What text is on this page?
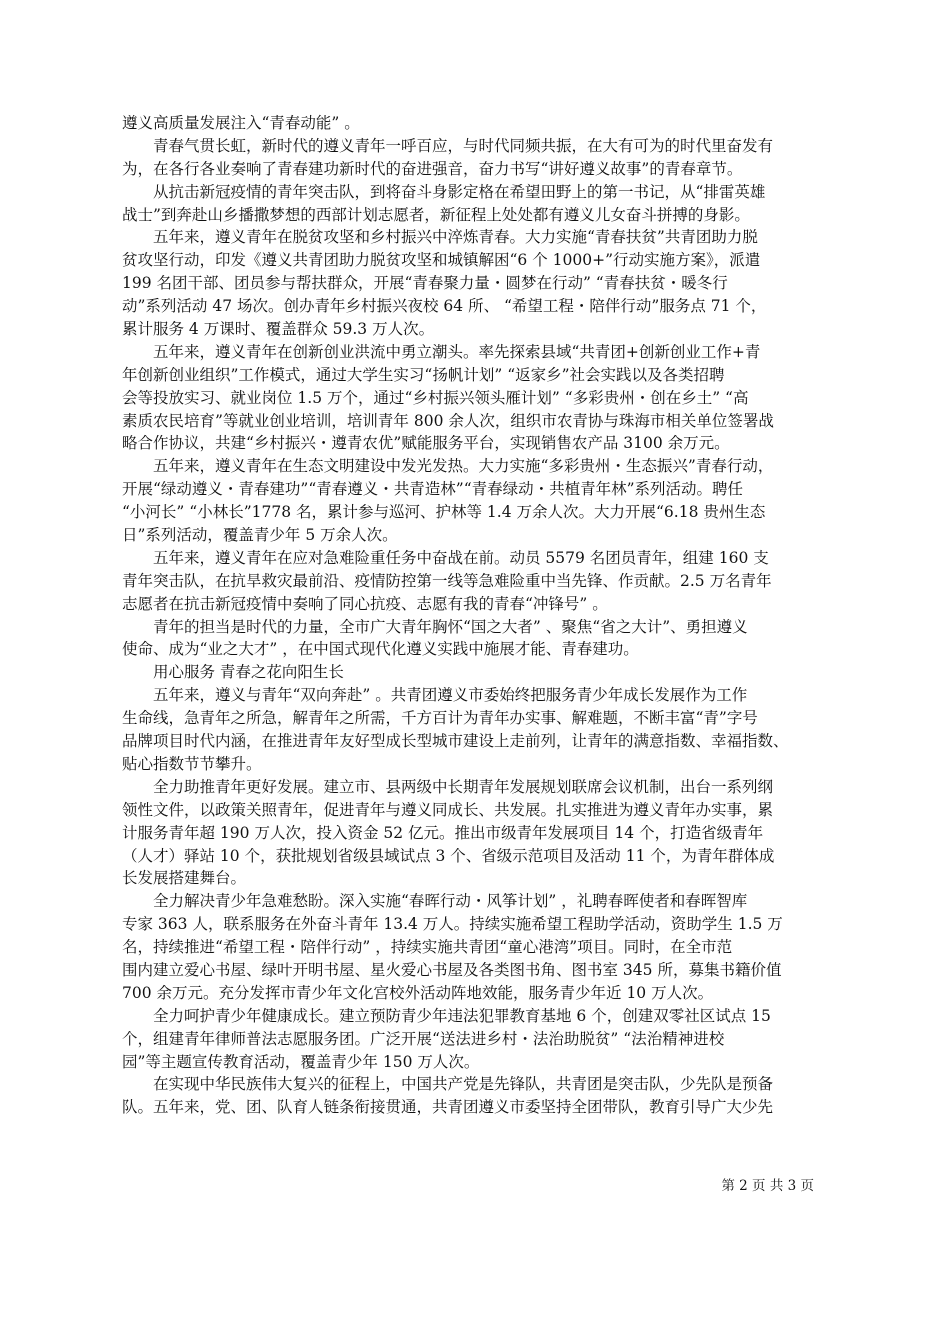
遵义高质量发展注入“青春动能” 。
　　青春气贯长虹，新时代的遵义青年一呼百应，与时代同频共振，在大有可为的时代里奋发有
为，在各行各业奏响了青春建功新时代的奋进强音，奋力书写“讲好遵义故事”的青春章节。
　　从抗击新冠疫情的青年突击队，到将奋斗身影定格在希望田野上的第一书记，从“排雷英雄
战士”到奔赴山乡播撒梦想的西部计划志愿者，新征程上处处都有遵义儿女奋斗拼搏的身影。
　　五年来，遵义青年在脱贫攻坚和乡村振兴中淬炼青春。大力实施“青春扶贫”共青团助力脱
贫攻坚行动，印发《遵义共青团助力脱贫攻坚和城镇解困“6 个 1000+”行动实施方案》，派遣
199 名团干部、团员参与帮扶群众，开展“青春聚力量・圆梦在行动” “青春扶贫・暖冬行
动”系列活动 47 场次。创办青年乡村振兴夜校 64 所、 “希望工程・陪伴行动”服务点 71 个，
累计服务 4 万课时、覆盖群众 59.3 万人次。
　　五年来，遵义青年在创新创业洪流中勇立潮头。率先探索县域“共青团+创新创业工作+青
年创新创业组织”工作模式，通过大学生实习“扬帆计划” “返家乡”社会实践以及各类招聘
会等投放实习、就业岗位 1.5 万个，通过“乡村振兴领头雁计划” “多彩贵州・创在乡土” “高
素质农民培育”等就业创业培训，培训青年 800 余人次，组织市农青协与珠海市相关单位签署战
略合作协议，共建“乡村振兴・遵青农优”赋能服务平台，实现销售农产品 3100 余万元。
　　五年来，遵义青年在生态文明建设中发光发热。大力实施“多彩贵州・生态振兴”青春行动，
开展“绿动遵义・青春建功”“青春遵义・共青造林”“青春绿动・共植青年林”系列活动。聘任
“小河长” “小林长”1778 名，累计参与巡河、护林等 1.4 万余人次。大力开展“6.18 贵州生态
日”系列活动，覆盖青少年 5 万余人次。
　　五年来，遵义青年在应对急难险重任务中奋战在前。动员 5579 名团员青年，组建 160 支
青年突击队，在抗旱救灾最前沿、疫情防控第一线等急难险重中当先锋、作贡献。2.5 万名青年
志愿者在抗击新冠疫情中奏响了同心抗疫、志愿有我的青春“冲锋号” 。
　　青年的担当是时代的力量，全市广大青年胸怀“国之大者” 、聚焦“省之大计”、勇担遵义
使命、成为“业之大才” ，在中国式现代化遵义实践中施展才能、青春建功。
　　用心服务 青春之花向阳生长
　　五年来，遵义与青年“双向奔赴” 。共青团遵义市委始终把服务青少年成长发展作为工作
生命线，急青年之所急，解青年之所需，千方百计为青年办实事、解难题，不断丰富“青”字号
品牌项目时代内涵，在推进青年友好型成长型城市建设上走前列，让青年的满意指数、幸福指数、
贴心指数节节攀升。
　　全力助推青年更好发展。建立市、县两级中长期青年发展规划联席会议机制，出台一系列纲
领性文件，以政策关照青年，促进青年与遵义同成长、共发展。扎实推进为遵义青年办实事，累
计服务青年超 190 万人次，投入资金 52 亿元。推出市级青年发展项目 14 个，打造省级青年
（人才）驿站 10 个，获批规划省级县域试点 3 个、省级示范项目及活动 11 个，为青年群体成
长发展搭建舞台。
　　全力解决青少年急难愁盼。深入实施“春晖行动・风筝计划” ，礼聘春晖使者和春晖智库
专家 363 人，联系服务在外奋斗青年 13.4 万人。持续实施希望工程助学活动，资助学生 1.5 万
名，持续推进“希望工程・陪伴行动” ，持续实施共青团“童心港湾”项目。同时，在全市范
围内建立爱心书屋、绿叶开明书屋、星火爱心书屋及各类图书角、图书室 345 所，募集书籍价值
700 余万元。充分发挥市青少年文化宫校外活动阵地效能，服务青少年近 10 万人次。
　　全力呵护青少年健康成长。建立预防青少年违法犯罪教育基地 6 个，创建双零社区试点 15
个，组建青年律师普法志愿服务团。广泛开展“送法进乡村・法治助脱贫” “法治精神进校
园”等主题宣传教育活动，覆盖青少年 150 万人次。
　　在实现中华民族伟大复兴的征程上，中国共产党是先锋队，共青团是突击队，少先队是预备
队。五年来，党、团、队育人链条衔接贯通，共青团遵义市委坚持全团带队，教育引导广大少先
第 2 页 共 3 页
